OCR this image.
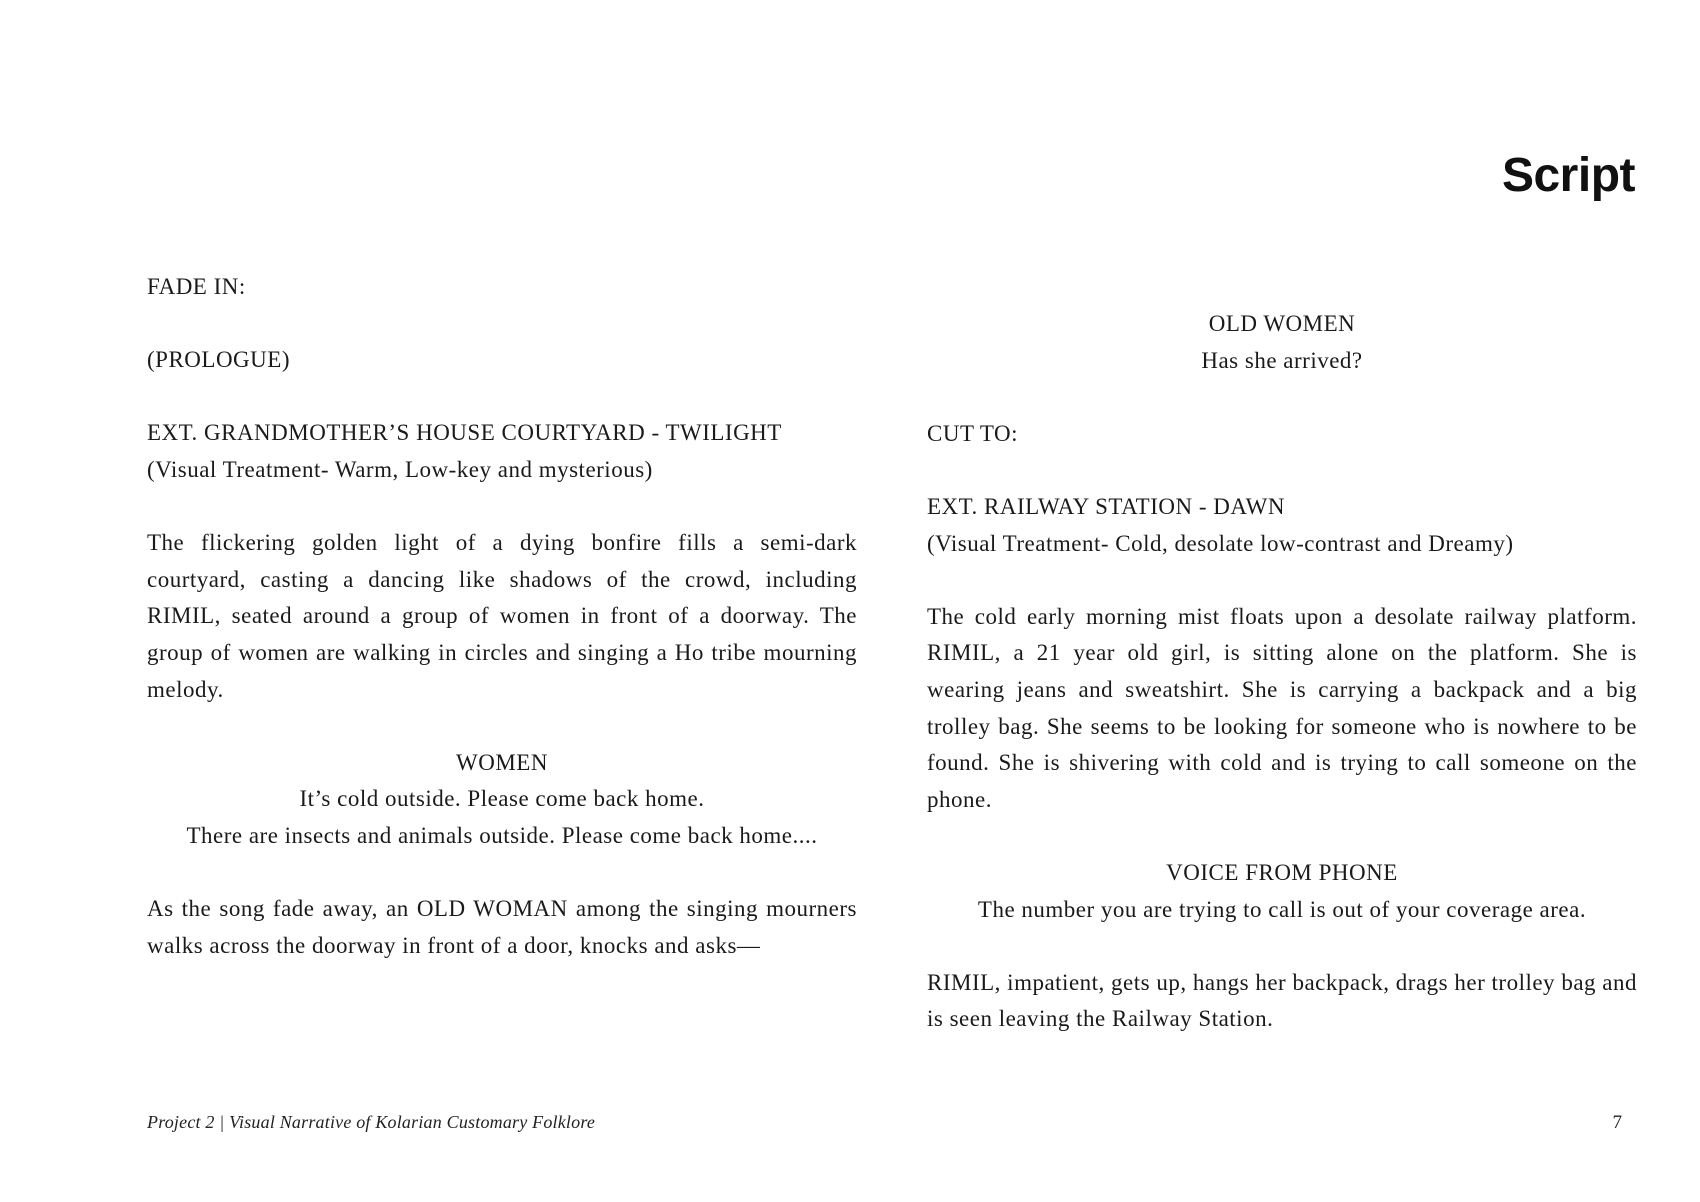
Script

FADE IN:

(PROLOGUE)

EXT. GRANDMOTHER’S HOUSE COURTYARD - TWILIGHT

(Visual Treatment- Warm, Low-key and mysterious)

The flickering golden light of a dying bonfire fills a semi-dark courtyard, casting a dancing like shadows of the crowd, including RIMIL, seated around a group of women in front of a doorway. The group of women are walking in circles and singing a Ho tribe mourning melody.

WOMEN
It’s cold outside. Please come back home.
There are insects and animals outside. Please come back home....

As the song fade away, an OLD WOMAN among the singing mourners walks across the doorway in front of a door, knocks and asks—

OLD WOMEN
Has she arrived?

CUT TO:

EXT. RAILWAY STATION - DAWN

(Visual Treatment- Cold, desolate low-contrast and Dreamy)

The cold early morning mist floats upon a desolate railway platform. RIMIL, a 21 year old girl, is sitting alone on the platform. She is wearing jeans and sweatshirt. She is carrying a backpack and a big trolley bag. She seems to be looking for someone who is nowhere to be found. She is shivering with cold and is trying to call someone on the phone.

VOICE FROM PHONE
The number you are trying to call is out of your coverage area.

RIMIL, impatient, gets up, hangs her backpack, drags her trolley bag and is seen leaving the Railway Station.

Project 2 | Visual Narrative of Kolarian Customary Folklore	7
